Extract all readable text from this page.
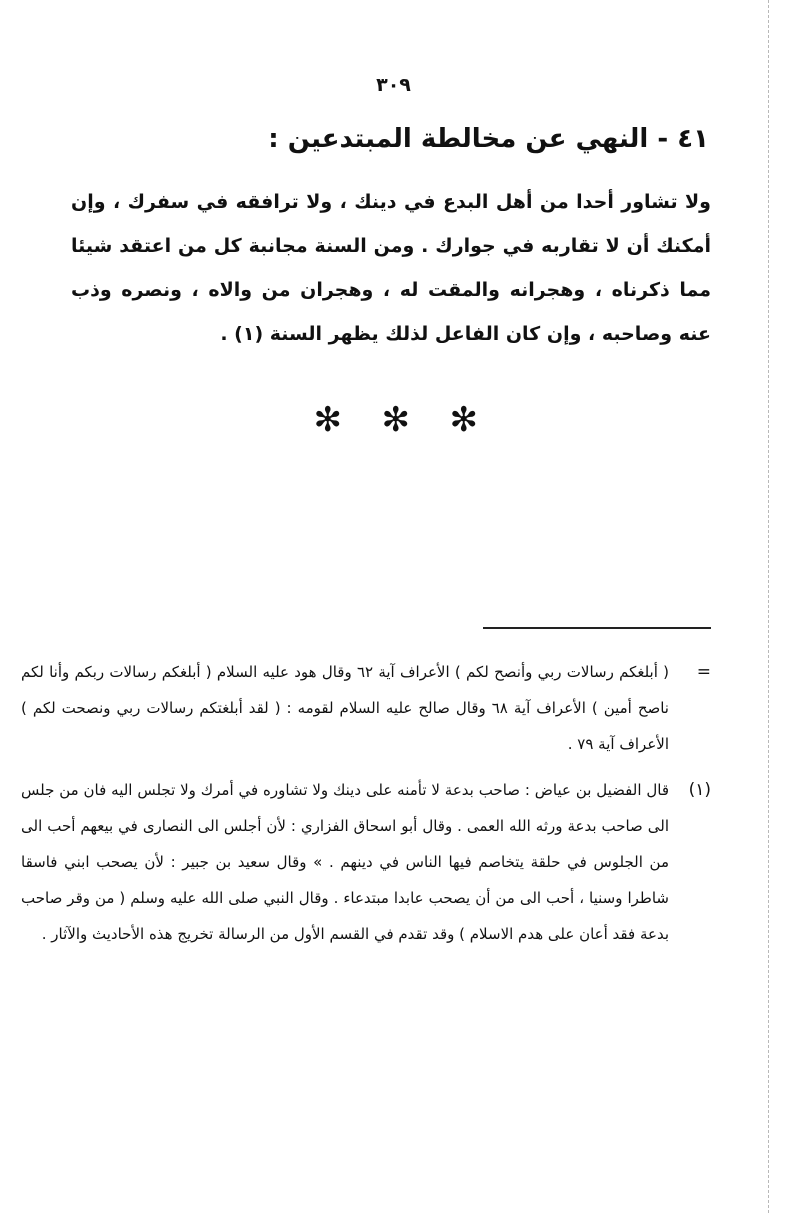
٣٠٩
٤١ - النهي عن مخالطة المبتدعين :

ولا تشاور أحدا من أهل البدع في دينك ، ولا ترافقه في سفرك ، وإن أمكنك أن لا تقاربه في جوارك . ومن السنة مجانبة كل من اعتقد شيئا مما ذكرناه ، وهجرانه والمقت له ، وهجران من والاه ، ونصره وذب عنه وصاحبه ، وإن كان الفاعل لذلك يظهر السنة (١) .

✻ ✻ ✻
=

( أبلغكم رسالات ربي وأنصح لكم ) الأعراف آية ٦٢ وقال هود عليه السلام ( أبلغكم رسالات ربكم وأنا لكم ناصح أمين ) الأعراف آية ٦٨ وقال صالح عليه السلام لقومه : ( لقد أبلغتكم رسالات ربي ونصحت لكم ) الأعراف آية ٧٩ .

(١)

قال الفضيل بن عياض : صاحب بدعة لا تأمنه على دينك ولا تشاوره في أمرك ولا تجلس اليه فان من جلس الى صاحب بدعة ورثه الله العمى . وقال أبو اسحاق الفزاري : لأن أجلس الى النصارى في بيعهم أحب الى من الجلوس في حلقة يتخاصم فيها الناس في دينهم . » وقال سعيد بن جبير : لأن يصحب ابني فاسقا شاطرا وسنيا ، أحب الى من أن يصحب عابدا مبتدعاء . وقال النبي صلى الله عليه وسلم ( من وقر صاحب بدعة فقد أعان على هدم الاسلام ) وقد تقدم في القسم الأول من الرسالة تخريج هذه الأحاديث والآثار .
